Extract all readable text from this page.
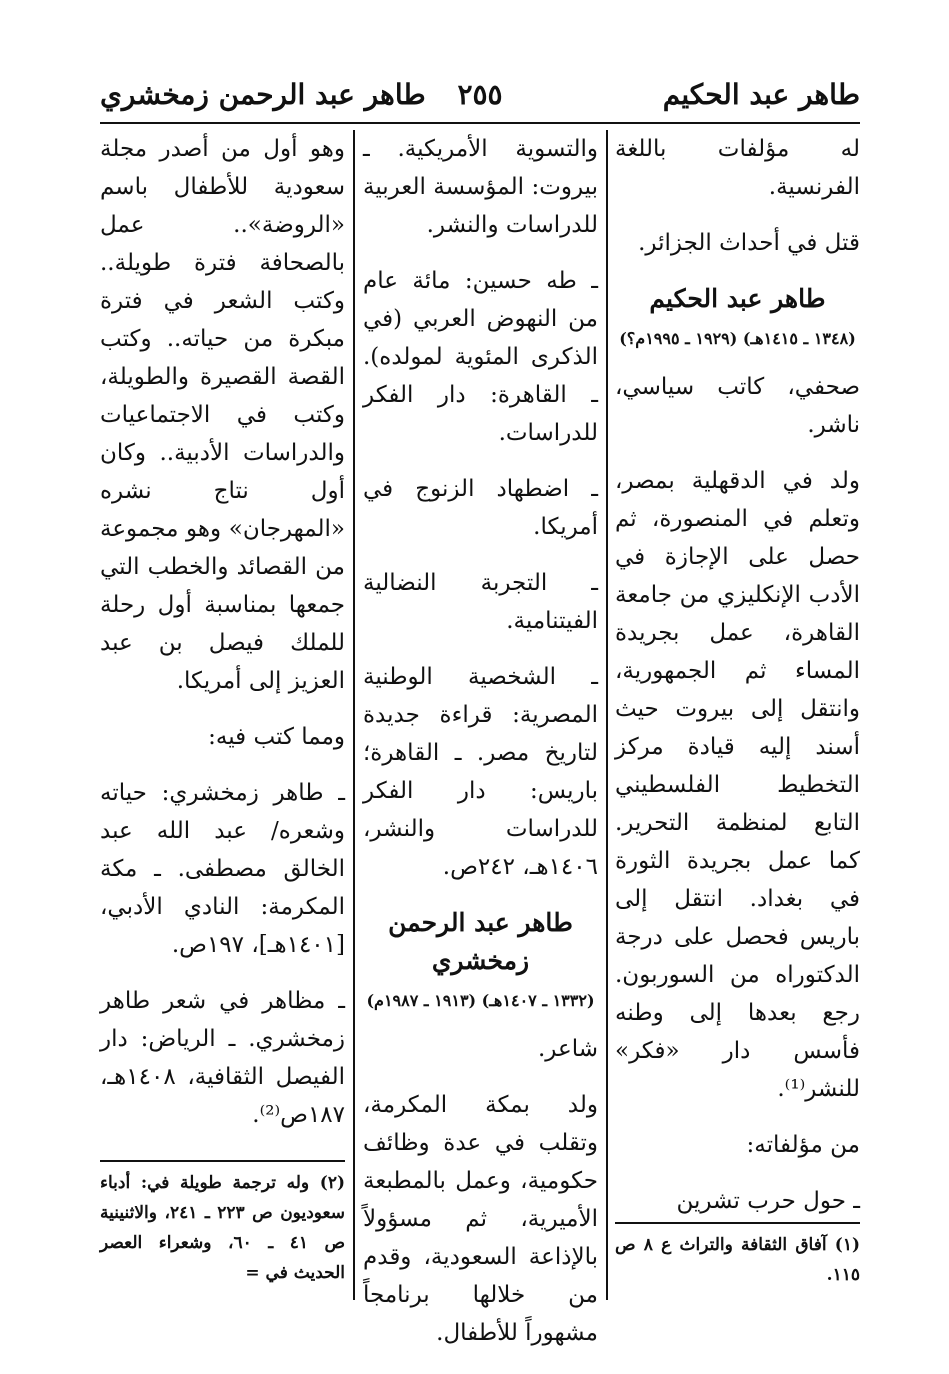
طاهر عبد الحكيم
٢٥٥
طاهر عبد الرحمن زمخشري

له مؤلفات باللغة الفرنسية.

قتل في أحداث الجزائر.

طاهر عبد الحكيم
(١٣٤٨ ـ ١٤١٥هـ) (١٩٢٩ ـ ١٩٩٥م؟)

صحفي، كاتب سياسي، ناشر.

ولد في الدقهلية بمصر، وتعلم في المنصورة، ثم حصل على الإجازة في الأدب الإنكليزي من جامعة القاهرة، عمل بجريدة المساء ثم الجمهورية، وانتقل إلى بيروت حيث أسند إليه قيادة مركز التخطيط الفلسطيني التابع لمنظمة التحرير. كما عمل بجريدة الثورة في بغداد. انتقل إلى باريس فحصل على درجة الدكتوراه من السوربون. رجع بعدها إلى وطنه فأسس دار «فكر» للنشر⁽¹⁾.

من مؤلفاته:

ـ حول حرب تشرين

(١) آفاق الثقافة والتراث ع ٨ ص ١١٥.

والتسوية الأمريكية. ـ بيروت: المؤسسة العربية للدراسات والنشر.

ـ طه حسين: مائة عام من النهوض العربي (في الذكرى المئوية لمولده). ـ القاهرة: دار الفكر للدراسات.

ـ اضطهاد الزنوج في أمريكا.

ـ التجربة النضالية الفيتنامية.

ـ الشخصية الوطنية المصرية: قراءة جديدة لتاريخ مصر. ـ القاهرة؛ باريس: دار الفكر للدراسات والنشر، ١٤٠٦هـ، ٢٤٢ص.

طاهر عبد الرحمن زمخشري
(١٣٣٢ ـ ١٤٠٧هـ) (١٩١٣ ـ ١٩٨٧م)

شاعر.

ولد بمكة المكرمة، وتقلب في عدة وظائف حكومية، وعمل بالمطبعة الأميرية، ثم مسؤولاً بالإذاعة السعودية، وقدم من خلالها برنامجاً مشهوراً للأطفال.

وهو أول من أصدر مجلة سعودية للأطفال باسم «الروضة».. عمل بالصحافة فترة طويلة.. وكتب الشعر في فترة مبكرة من حياته.. وكتب القصة القصيرة والطويلة، وكتب في الاجتماعيات والدراسات الأدبية.. وكان أول نتاج نشره «المهرجان» وهو مجموعة من القصائد والخطب التي جمعها بمناسبة أول رحلة للملك فيصل بن عبد العزيز إلى أمريكا.

ومما كتب فيه:

ـ طاهر زمخشري: حياته وشعره/ عبد الله عبد الخالق مصطفى. ـ مكة المكرمة: النادي الأدبي، [١٤٠١هـ]، ١٩٧ص.

ـ مظاهر في شعر طاهر زمخشري. ـ الرياض: دار الفيصل الثقافية، ١٤٠٨هـ، ١٨٧ص⁽²⁾.

(٢) وله ترجمة طويلة في: أدباء سعوديون ص ٢٢٣ ـ ٢٤١، والاثنينية ص ٤١ ـ ٦٠، وشعراء العصر الحديث في =
